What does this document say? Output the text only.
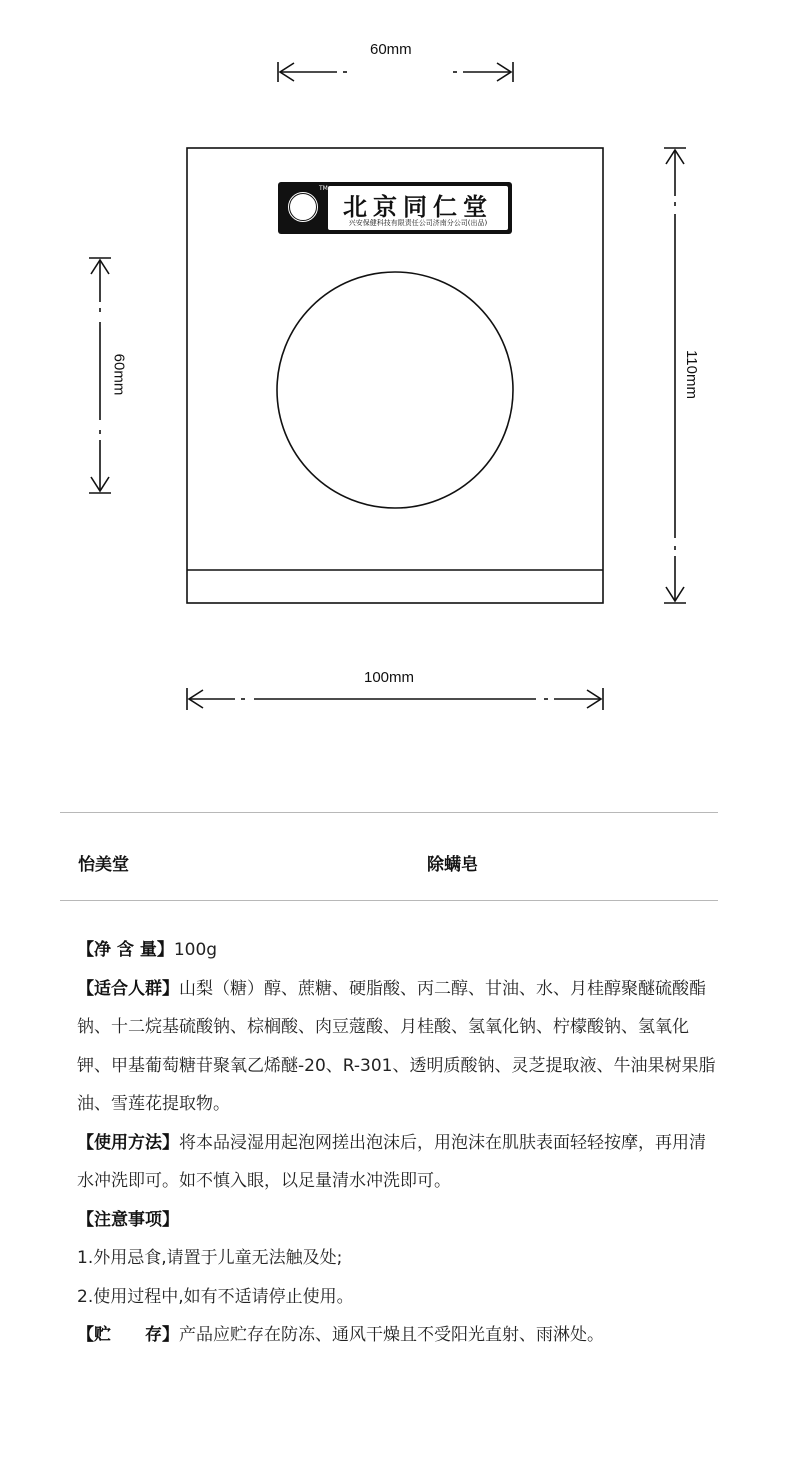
60mm
60mm	110mm
100mm
TM
北京同仁堂
兴安保健科技有限责任公司济南分公司(出品)
怡美堂	除螨皂

【净 含 量】100g

【适合人群】山梨（糖）醇、蔗糖、硬脂酸、丙二醇、甘油、水、月桂醇聚醚硫酸酯钠、十二烷基硫酸钠、棕榈酸、肉豆蔻酸、月桂酸、氢氧化钠、柠檬酸钠、氢氧化钾、甲基葡萄糖苷聚氧乙烯醚-20、R-301、透明质酸钠、灵芝提取液、牛油果树果脂油、雪莲花提取物。

【使用方法】将本品浸湿用起泡网搓出泡沫后，用泡沫在肌肤表面轻轻按摩，再用清水冲洗即可。如不慎入眼，以足量清水冲洗即可。

【注意事项】

1.外用忌食,请置于儿童无法触及处;

2.使用过程中,如有不适请停止使用。

【贮　　存】产品应贮存在防冻、通风干燥且不受阳光直射、雨淋处。
